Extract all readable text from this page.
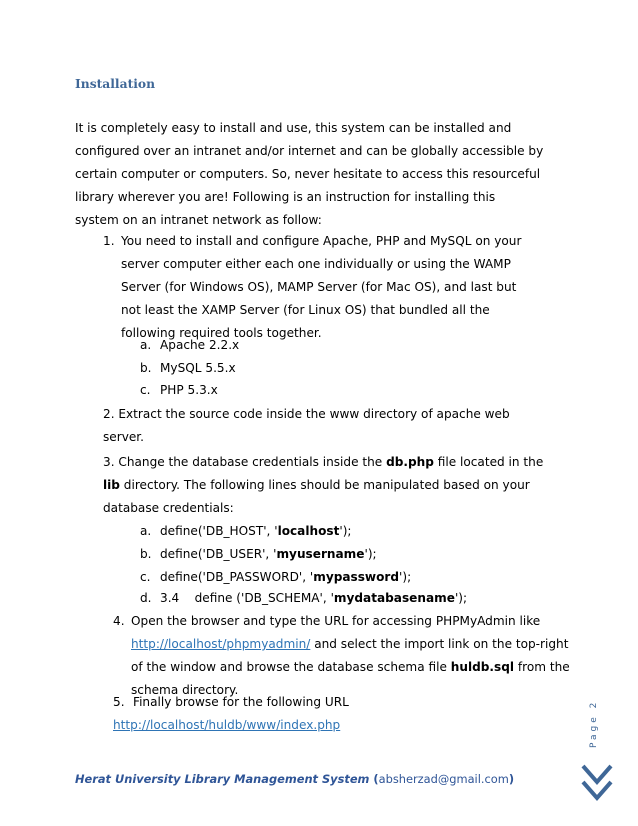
Installation
It is completely easy to install and use, this system can be installed and
configured over an intranet and/or internet and can be globally accessible by
certain computer or computers. So, never hesitate to access this resourceful
library wherever you are! Following is an instruction for installing this
system on an intranet network as follow:
1. You need to install and configure Apache, PHP and MySQL on your
server computer either each one individually or using the WAMP
Server (for Windows OS), MAMP Server (for Mac OS), and last but
not least the XAMP Server (for Linux OS) that bundled all the
following required tools together.
a. Apache 2.2.x
b. MySQL 5.5.x
c. PHP 5.3.x
2. Extract the source code inside the www directory of apache web
server.
3. Change the database credentials inside the db.php file located in the
lib directory. The following lines should be manipulated based on your
database credentials:
a. define('DB_HOST', 'localhost');
b. define('DB_USER', 'myusername');
c. define('DB_PASSWORD', 'mypassword');
d. 3.4    define ('DB_SCHEMA', 'mydatabasename');
4. Open the browser and type the URL for accessing PHPMyAdmin like
http://localhost/phpmyadmin/ and select the import link on the top-right
of the window and browse the database schema file huldb.sql from the
schema directory.
5. Finally browse for the following URL
http://localhost/huldb/www/index.php	Page 2
Herat University Library Management System (absherzad@gmail.com)
